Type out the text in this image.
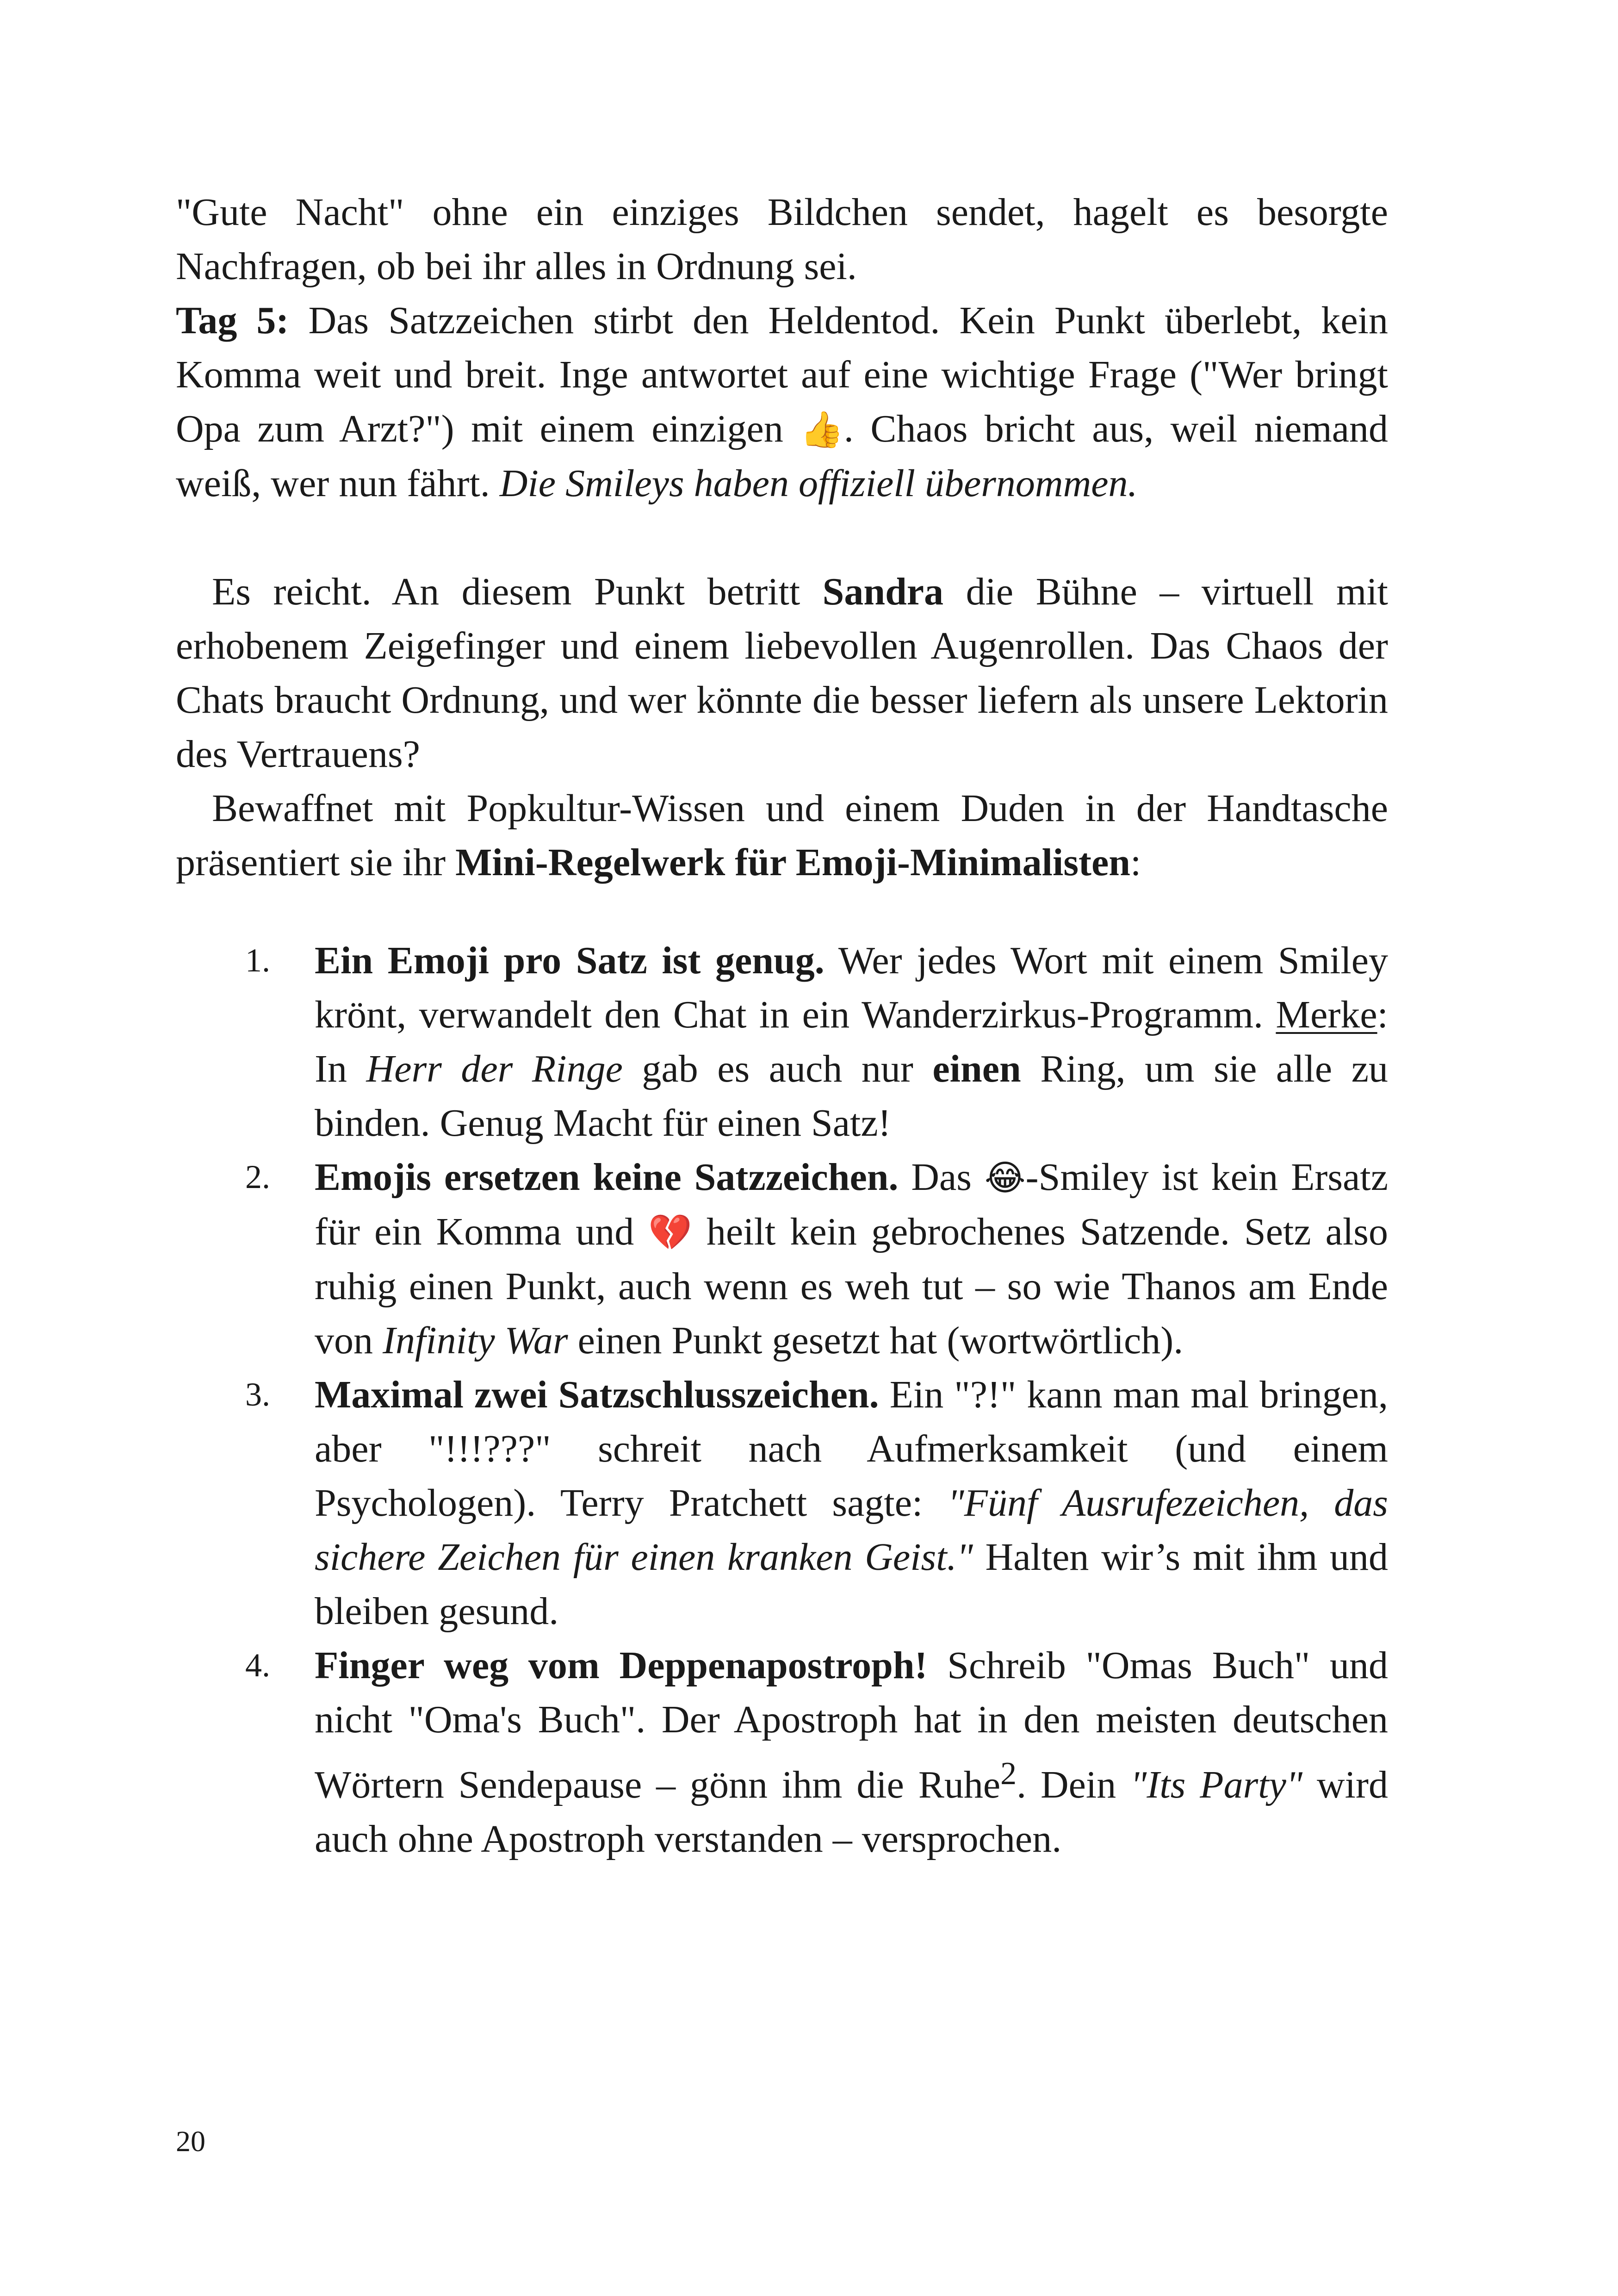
"Gute Nacht" ohne ein einziges Bildchen sendet, hagelt es besorgte Nachfragen, ob bei ihr alles in Ordnung sei.

Tag 5: Das Satzzeichen stirbt den Heldentod. Kein Punkt überlebt, kein Komma weit und breit. Inge antwortet auf eine wichtige Frage ("Wer bringt Opa zum Arzt?") mit einem einzigen 👍. Chaos bricht aus, weil niemand weiß, wer nun fährt. Die Smileys haben offiziell übernommen.

Es reicht. An diesem Punkt betritt Sandra die Bühne – virtuell mit erhobenem Zeigefinger und einem liebevollen Augenrollen. Das Chaos der Chats braucht Ordnung, und wer könnte die besser liefern als unsere Lektorin des Vertrauens?

Bewaffnet mit Popkultur-Wissen und einem Duden in der Handtasche präsentiert sie ihr Mini-Regelwerk für Emoji-Minimalisten:

1. Ein Emoji pro Satz ist genug. Wer jedes Wort mit einem Smiley krönt, verwandelt den Chat in ein Wanderzirkus-Programm. Merke: In Herr der Ringe gab es auch nur einen Ring, um sie alle zu binden. Genug Macht für einen Satz!
2. Emojis ersetzen keine Satzzeichen. Das 😂-Smiley ist kein Ersatz für ein Komma und 💔 heilt kein gebrochenes Satzende. Setz also ruhig einen Punkt, auch wenn es weh tut – so wie Thanos am Ende von Infinity War einen Punkt gesetzt hat (wortwörtlich).
3. Maximal zwei Satzschlusszeichen. Ein "?!" kann man mal bringen, aber "!!!???" schreit nach Aufmerksamkeit (und einem Psychologen). Terry Pratchett sagte: "Fünf Ausrufezeichen, das sichere Zeichen für einen kranken Geist." Halten wir’s mit ihm und bleiben gesund.
4. Finger weg vom Deppenapostroph! Schreib "Omas Buch" und nicht "Oma's Buch". Der Apostroph hat in den meisten deutschen Wörtern Sendepause – gönn ihm die Ruhe$^2$. Dein "Its Party" wird auch ohne Apostroph verstanden – versprochen.
20
